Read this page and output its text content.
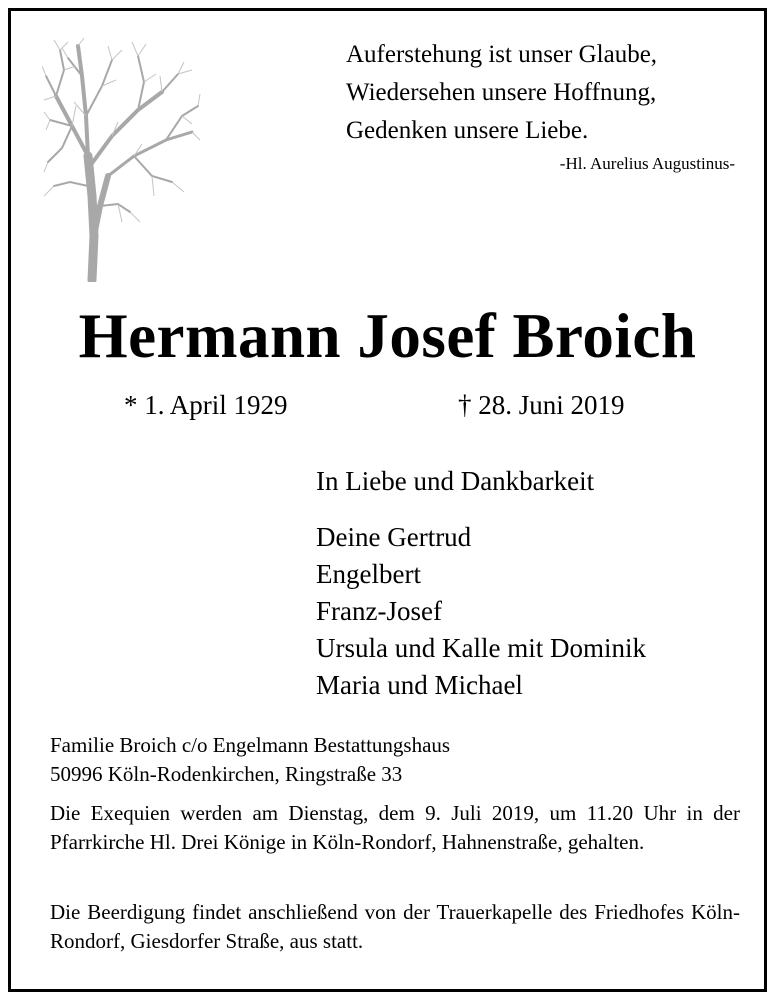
Auferstehung ist unser Glaube,
Wiedersehen unsere Hoffnung,
Gedenken unsere Liebe.
-Hl. Aurelius Augustinus-
Hermann Josef Broich
* 1. April 1929	† 28. Juni 2019
In Liebe und Dankbarkeit
Deine Gertrud
Engelbert
Franz-Josef
Ursula und Kalle mit Dominik
Maria und Michael
Familie Broich c/o Engelmann Bestattungshaus
50996 Köln-Rodenkirchen, Ringstraße 33

Die Exequien werden am Dienstag, dem 9. Juli 2019, um 11.20 Uhr in der Pfarrkirche Hl. Drei Könige in Köln-Rondorf, Hahnenstraße, gehalten.

Die Beerdigung findet anschließend von der Trauerkapelle des Friedhofes Köln-Rondorf, Giesdorfer Straße, aus statt.
